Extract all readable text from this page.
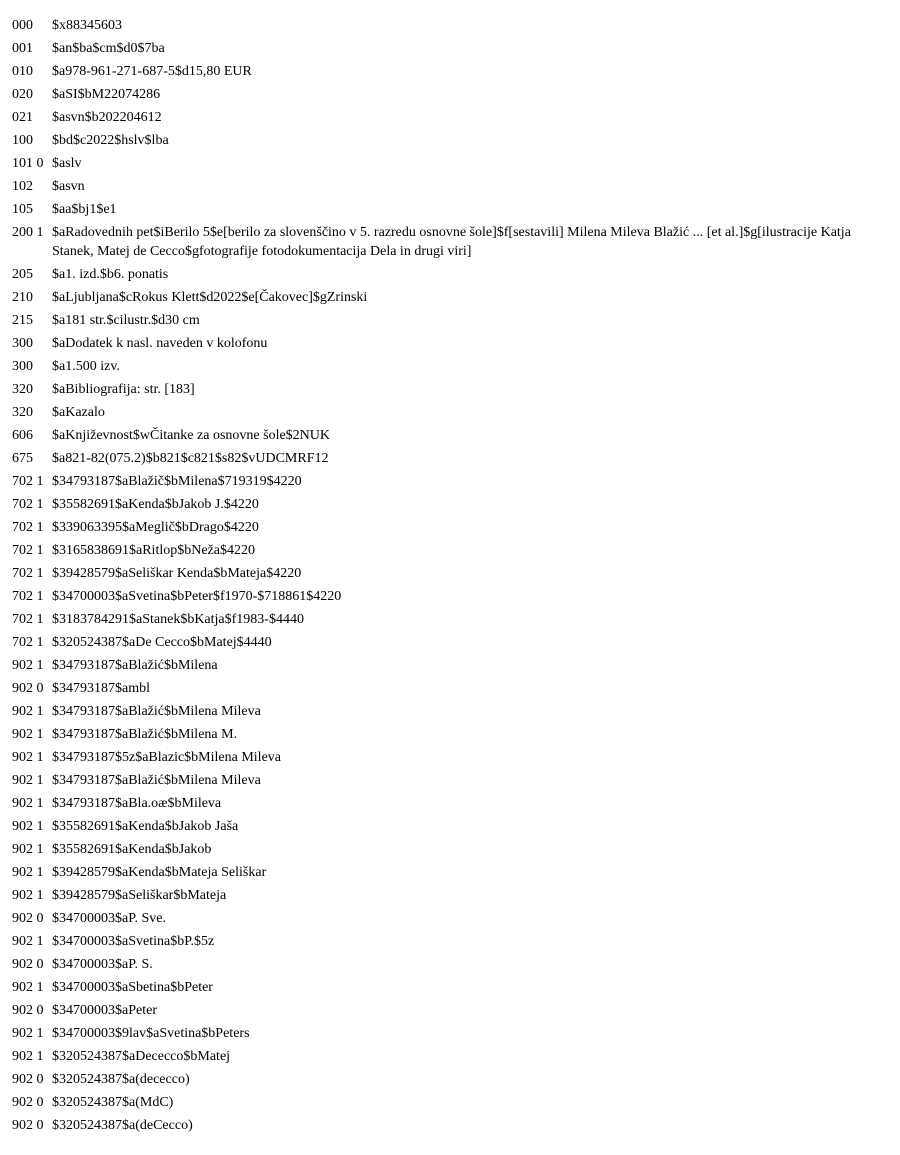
000	$x88345603
001	$an$ba$cm$d0$7ba
010	$a978-961-271-687-5$d15,80 EUR
020	$aSI$bM22074286
021	$asvn$b202204612
100	$bd$c2022$hslv$lba
101 0 $aslv
102	$asvn
105	$aa$bj1$e1
200 1 $aRadovednih pet$iBerilo 5$e[berilo za slovenščino v 5. razredu osnovne šole]$f[sestavili] Milena Mileva Blažić ... [et al.]$g[ilustracije Katja Stanek, Matej de Cecco$gfotografije fotodokumentacija Dela in drugi viri]
205	$a1. izd.$b6. ponatis
210	$aLjubljana$cRokus Klett$d2022$e[Čakovec]$gZrinski
215	$a181 str.$cilustr.$d30 cm
300	$aDodatek k nasl. naveden v kolofonu
300	$a1.500 izv.
320	$aBibliografija: str. [183]
320	$aKazalo
606	$aKnjiževnost$wČitanke za osnovne šole$2NUK
675	$a821-82(075.2)$b821$c821$s82$vUDCMRF12
702 1 $34793187$aBlažič$bMilena$719319$4220
702 1 $35582691$aKenda$bJakob J.$4220
702 1 $339063395$aMeglič$bDrago$4220
702 1 $3165838691$aRitlop$bNeža$4220
702 1 $39428579$aSeliškar Kenda$bMateja$4220
702 1 $34700003$aSvetina$bPeter$f1970-$718861$4220
702 1 $3183784291$aStanek$bKatja$f1983-$4440
702 1 $320524387$aDe Cecco$bMatej$4440
902 1 $34793187$aBlažić$bMilena
902 0 $34793187$ambl
902 1 $34793187$aBlažić$bMilena Mileva
902 1 $34793187$aBlažić$bMilena M.
902 1 $34793187$5z$aBlazic$bMilena Mileva
902 1 $34793187$aBlažić$bMilena Mileva
902 1 $34793187$aBla.oæ$bMileva
902 1 $35582691$aKenda$bJakob Jaša
902 1 $35582691$aKenda$bJakob
902 1 $39428579$aKenda$bMateja Seliškar
902 1 $39428579$aSeliškar$bMateja
902 0 $34700003$aP. Sve.
902 1 $34700003$aSvetina$bP.$5z
902 0 $34700003$aP. S.
902 1 $34700003$aSbetina$bPeter
902 0 $34700003$aPeter
902 1 $34700003$9lav$aSvetina$bPeters
902 1 $320524387$aDececco$bMatej
902 0 $320524387$a(dececco)
902 0 $320524387$a(MdC)
902 0 $320524387$a(deCecco)
